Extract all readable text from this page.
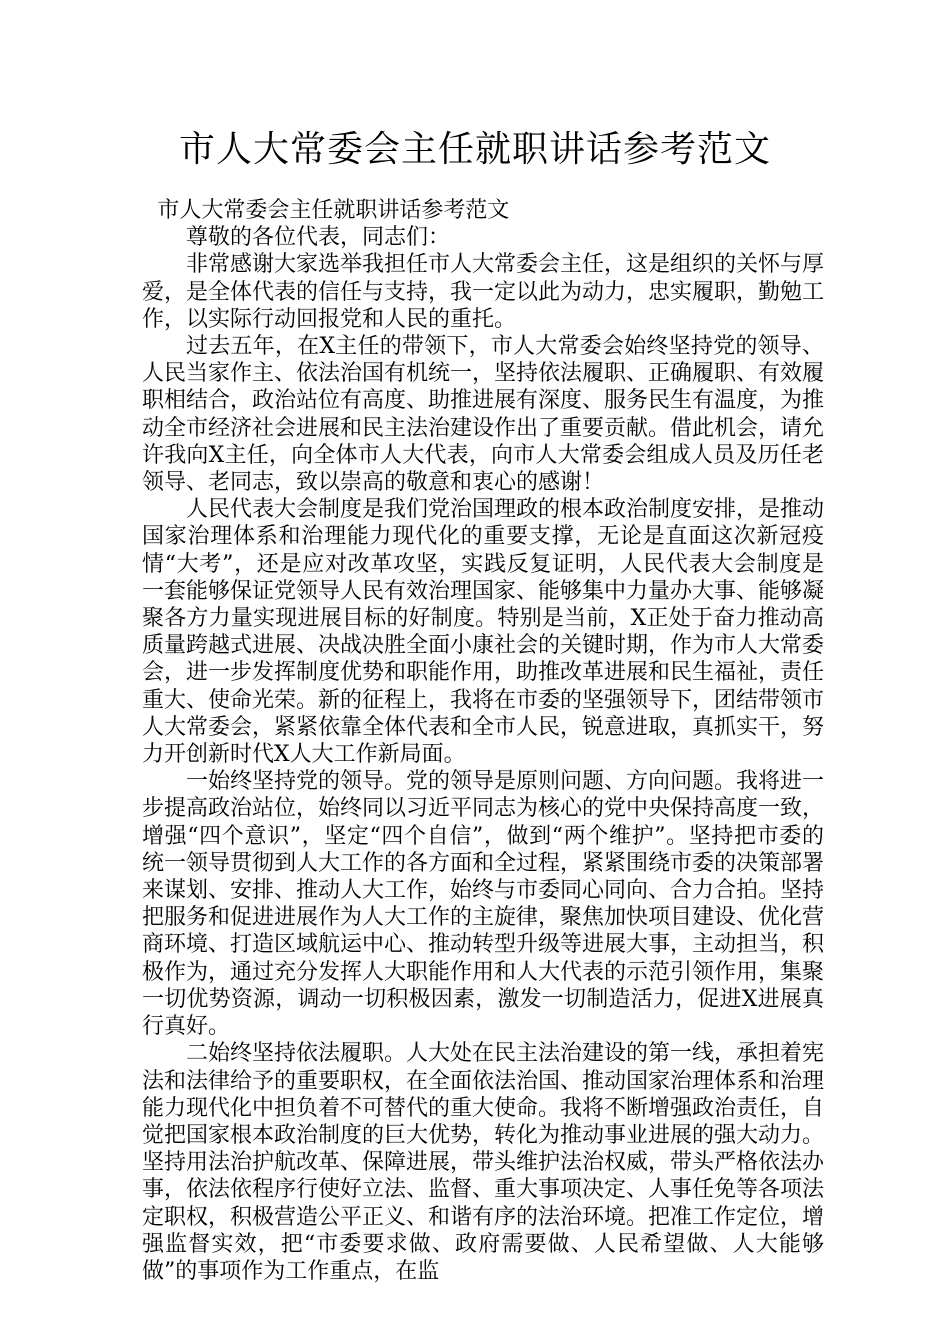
市人大常委会主任就职讲话参考范文

市人大常委会主任就职讲话参考范文

尊敬的各位代表，同志们：

非常感谢大家选举我担任市人大常委会主任，这是组织的关怀与厚爱，是全体代表的信任与支持，我一定以此为动力，忠实履职，勤勉工作，以实际行动回报党和人民的重托。

过去五年，在X主任的带领下，市人大常委会始终坚持党的领导、人民当家作主、依法治国有机统一，坚持依法履职、正确履职、有效履职相结合，政治站位有高度、助推进展有深度、服务民生有温度，为推动全市经济社会进展和民主法治建设作出了重要贡献。借此机会，请允许我向X主任，向全体市人大代表，向市人大常委会组成人员及历任老领导、老同志，致以崇高的敬意和衷心的感谢！

人民代表大会制度是我们党治国理政的根本政治制度安排，是推动国家治理体系和治理能力现代化的重要支撑，无论是直面这次新冠疫情“大考”，还是应对改革攻坚，实践反复证明，人民代表大会制度是一套能够保证党领导人民有效治理国家、能够集中力量办大事、能够凝聚各方力量实现进展目标的好制度。特别是当前，X正处于奋力推动高质量跨越式进展、决战决胜全面小康社会的关键时期，作为市人大常委会，进一步发挥制度优势和职能作用，助推改革进展和民生福祉，责任重大、使命光荣。新的征程上，我将在市委的坚强领导下，团结带领市人大常委会，紧紧依靠全体代表和全市人民，锐意进取，真抓实干，努力开创新时代X人大工作新局面。

一始终坚持党的领导。党的领导是原则问题、方向问题。我将进一步提高政治站位，始终同以习近平同志为核心的党中央保持高度一致，增强“四个意识”，坚定“四个自信”，做到“两个维护”。坚持把市委的统一领导贯彻到人大工作的各方面和全过程，紧紧围绕市委的决策部署来谋划、安排、推动人大工作，始终与市委同心同向、合力合拍。坚持把服务和促进进展作为人大工作的主旋律，聚焦加快项目建设、优化营商环境、打造区域航运中心、推动转型升级等进展大事，主动担当，积极作为，通过充分发挥人大职能作用和人大代表的示范引领作用，集聚一切优势资源，调动一切积极因素，激发一切制造活力，促进X进展真行真好。

二始终坚持依法履职。人大处在民主法治建设的第一线，承担着宪法和法律给予的重要职权，在全面依法治国、推动国家治理体系和治理能力现代化中担负着不可替代的重大使命。我将不断增强政治责任，自觉把国家根本政治制度的巨大优势，转化为推动事业进展的强大动力。坚持用法治护航改革、保障进展，带头维护法治权威，带头严格依法办事，依法依程序行使好立法、监督、重大事项决定、人事任免等各项法定职权，积极营造公平正义、和谐有序的法治环境。把准工作定位，增强监督实效，把“市委要求做、政府需要做、人民希望做、人大能够做”的事项作为工作重点，在监
